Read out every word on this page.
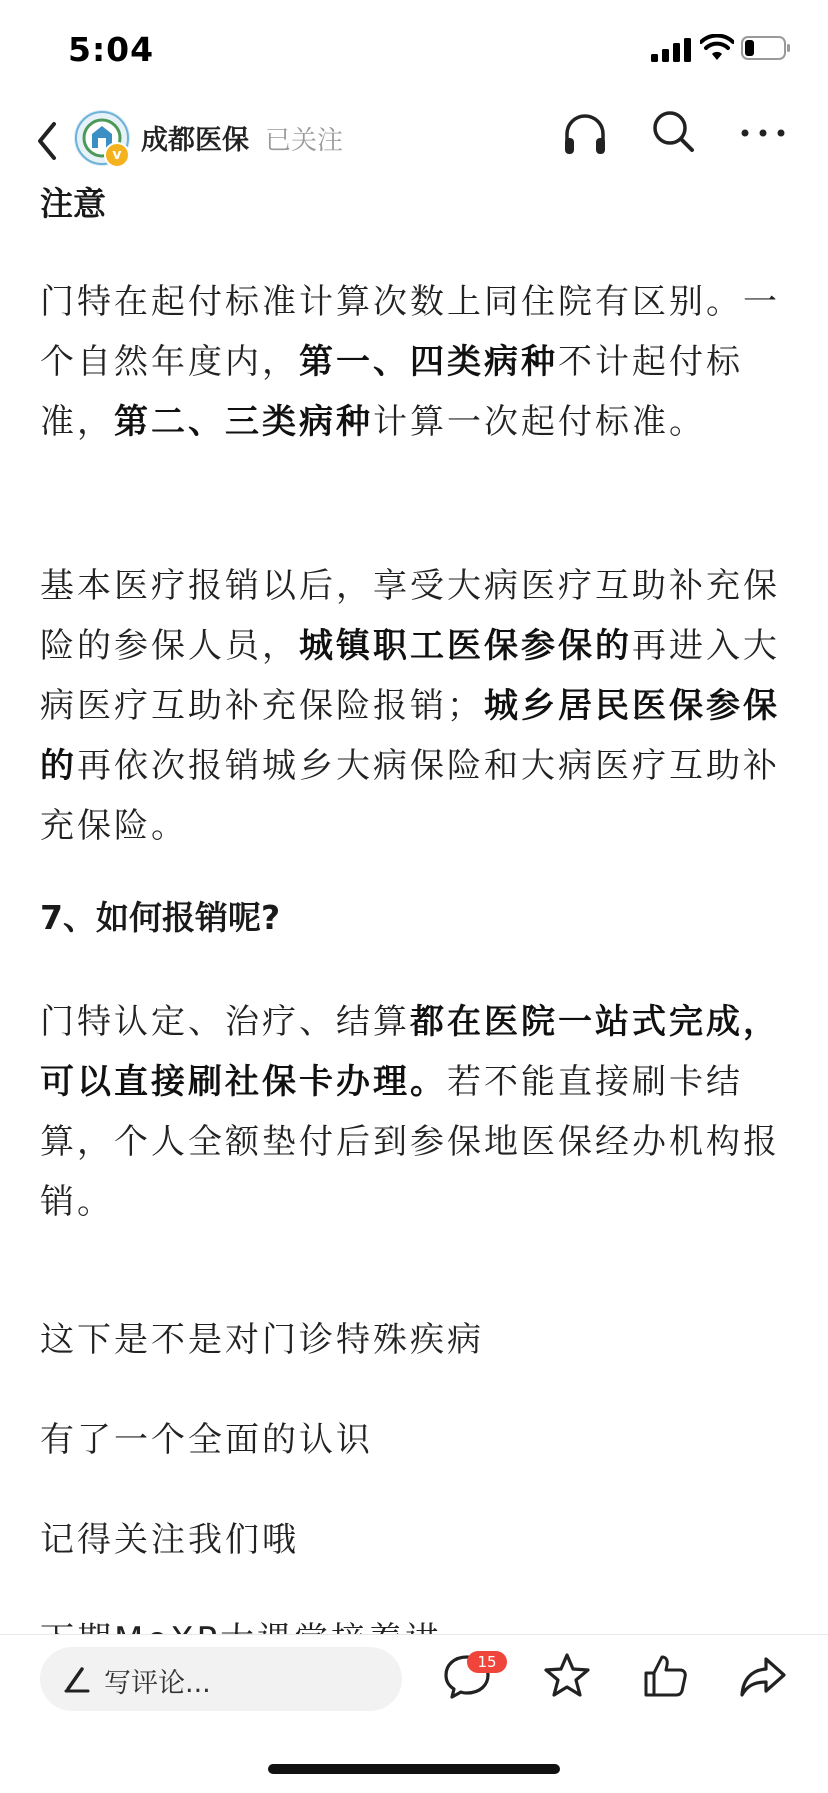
5:04
v 成都医保 已关注
注意

门特在起付标准计算次数上同住院有区别。一个自然年度内，第一、四类病种不计起付标准，第二、三类病种计算一次起付标准。

基本医疗报销以后，享受大病医疗互助补充保险的参保人员，城镇职工医保参保的再进入大病医疗互助补充保险报销；城乡居民医保参保的再依次报销城乡大病保险和大病医疗互助补充保险。

7、如何报销呢?

门特认定、治疗、结算都在医院一站式完成，可以直接刷社保卡办理。若不能直接刷卡结算，个人全额垫付后到参保地医保经办机构报销。

这下是不是对门诊特殊疾病

有了一个全面的认识

记得关注我们哦

写评论...
15
